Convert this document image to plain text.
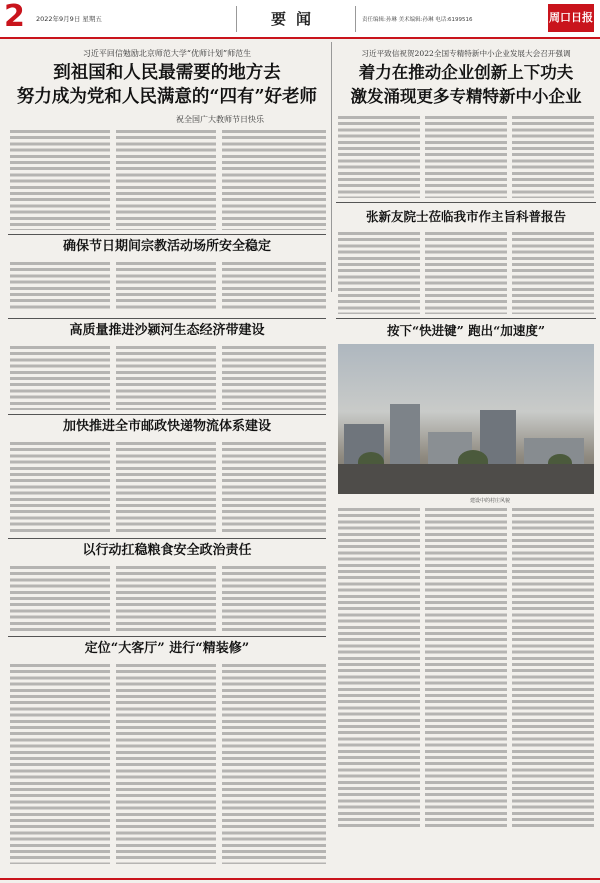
2 2022年9月9日 星期五	要闻	责任编辑:孙琳 美术编辑:孙琳 电话:6199516	周口日报
习近平回信勉励北京师范大学“优师计划”师范生
到祖国和人民最需要的地方去
努力成为党和人民满意的“四有”好老师
祝全国广大教师节日快乐
习近平致信祝贺2022全国专精特新中小企业发展大会召开强调
着力在推动企业创新上下功夫
激发涌现更多专精特新中小企业
确保节日期间宗教活动场所安全稳定
张新友院士莅临我市作主旨科普报告
高质量推进沙颍河生态经济带建设	按下“快进键” 跑出“加速度”
建设中的村庄风貌
加快推进全市邮政快递物流体系建设
以行动扛稳粮食安全政治责任
定位“大客厅” 进行“精装修”
